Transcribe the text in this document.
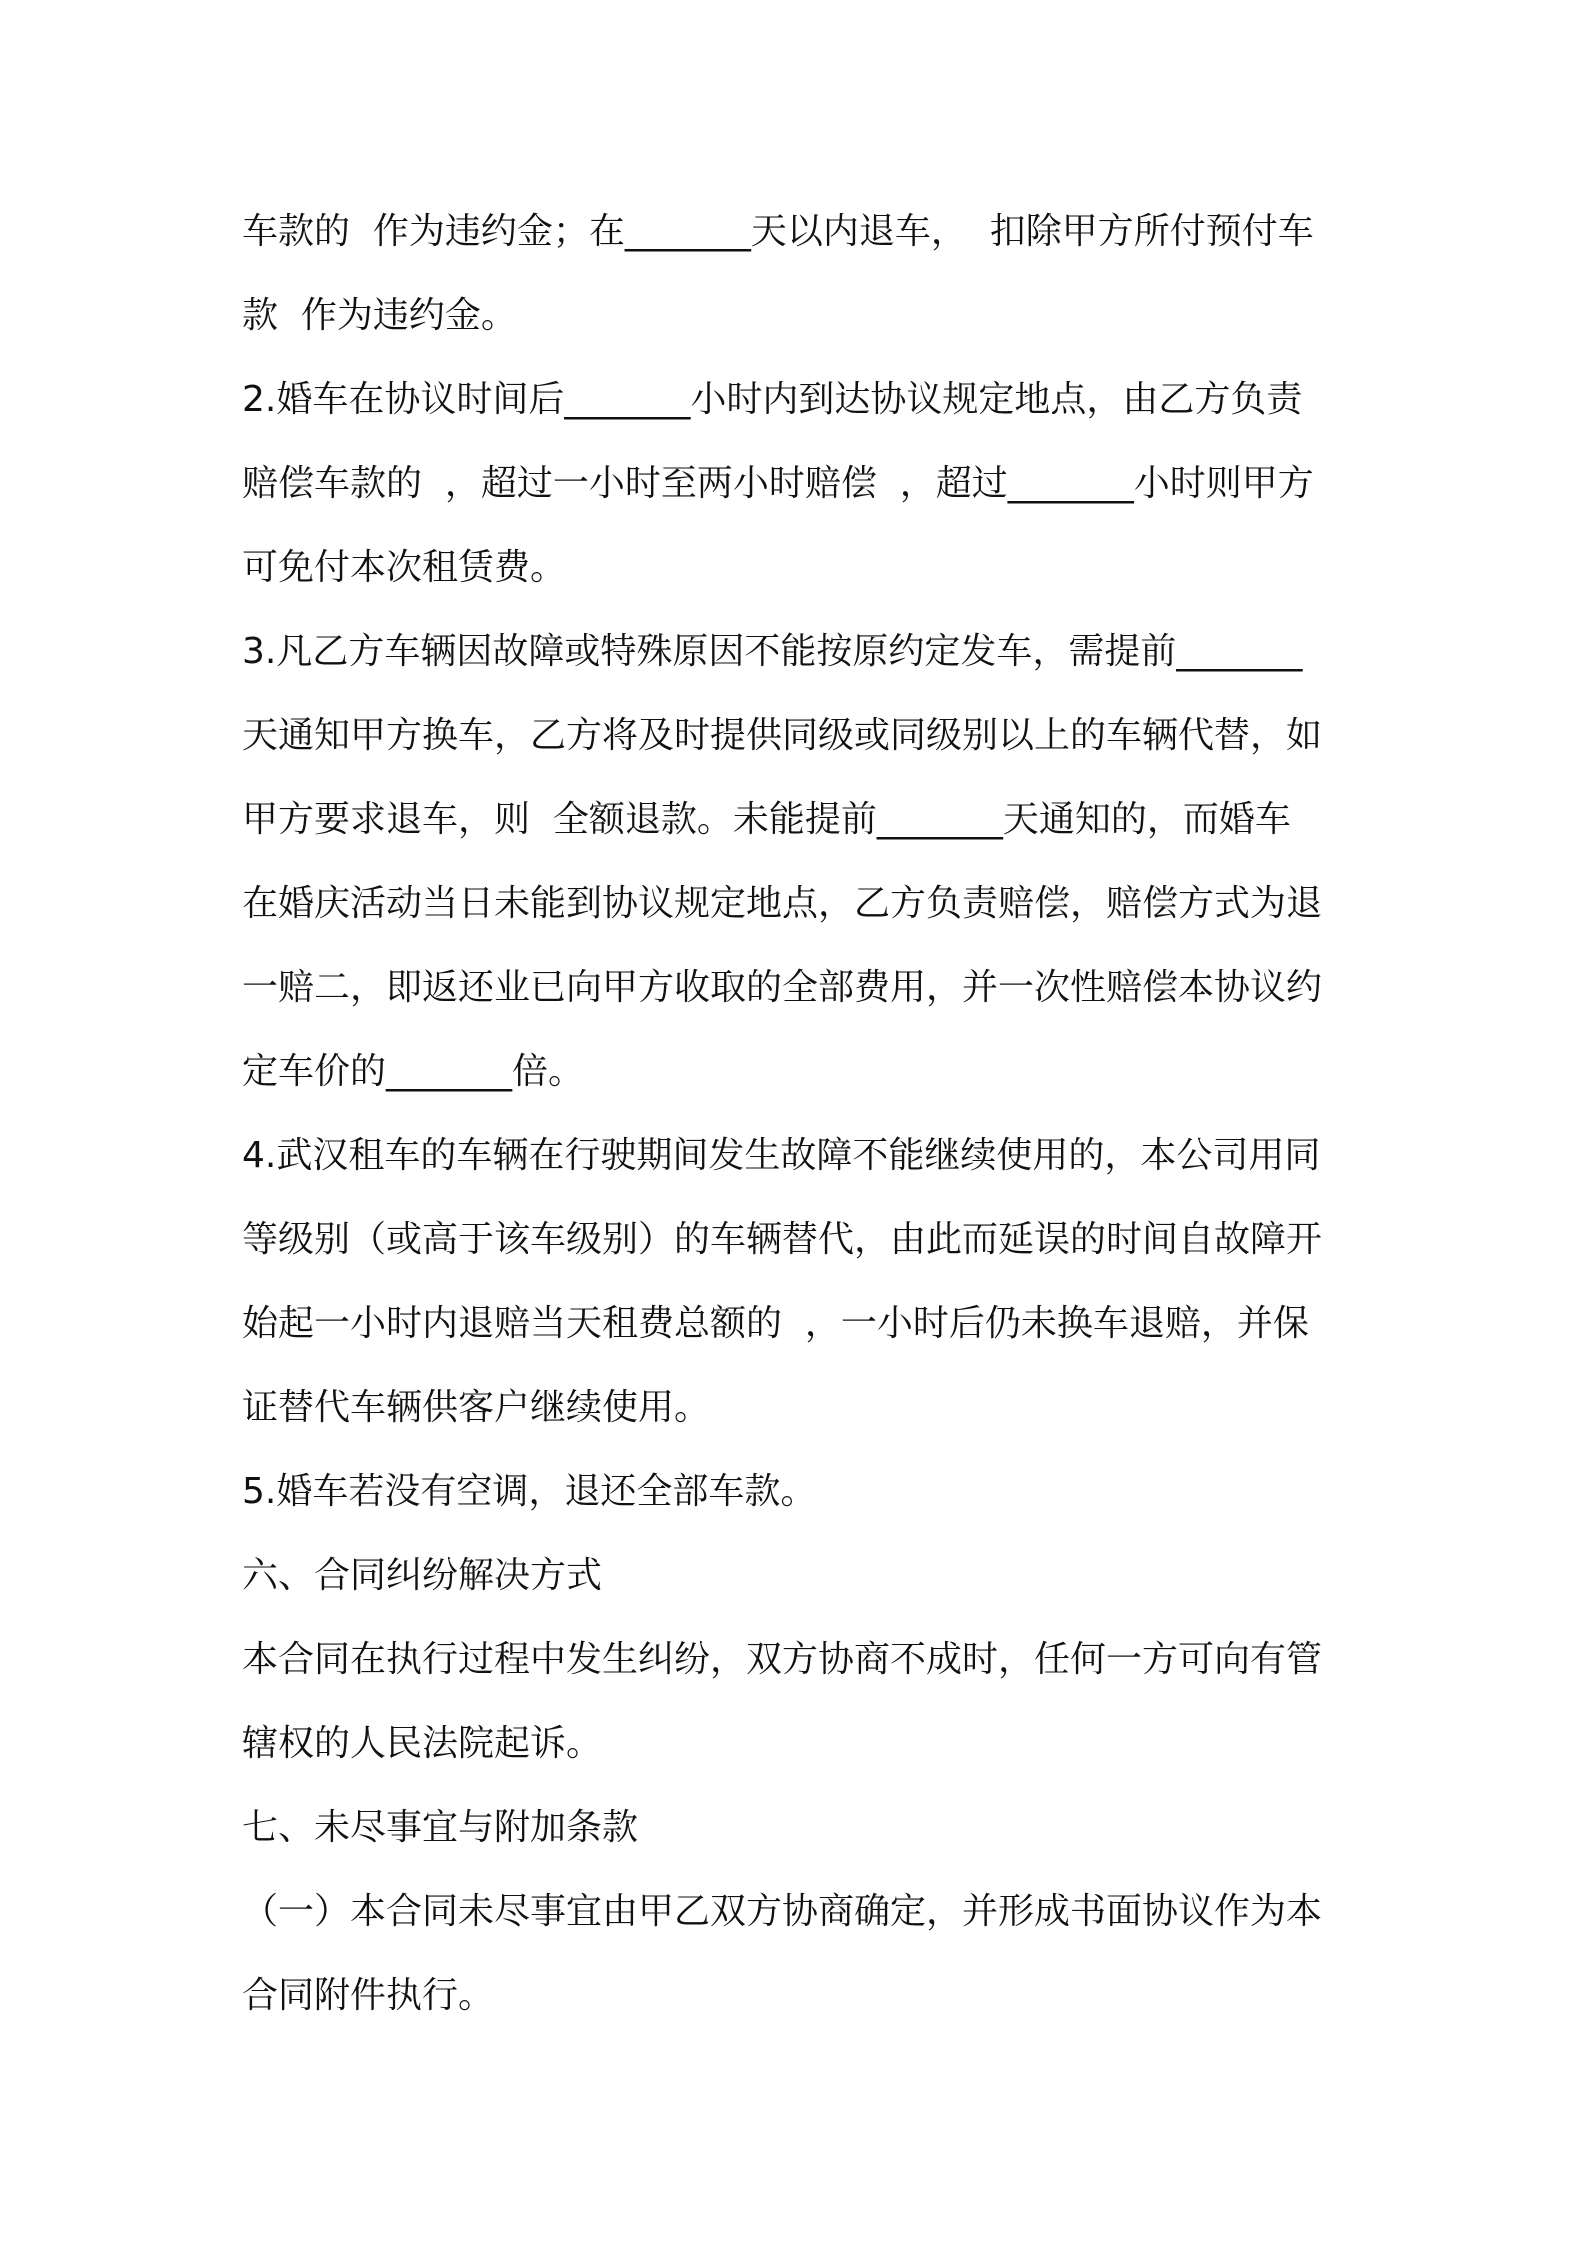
车款的  作为违约金；在_______天以内退车，  扣除甲方所付预付车
款  作为违约金。
2.婚车在协议时间后_______小时内到达协议规定地点，由乙方负责
赔偿车款的  ，超过一小时至两小时赔偿  ，超过_______小时则甲方
可免付本次租赁费。
3.凡乙方车辆因故障或特殊原因不能按原约定发车，需提前_______
天通知甲方换车，乙方将及时提供同级或同级别以上的车辆代替，如
甲方要求退车，则  全额退款。未能提前_______天通知的，而婚车
在婚庆活动当日未能到协议规定地点，乙方负责赔偿，赔偿方式为退
一赔二，即返还业已向甲方收取的全部费用，并一次性赔偿本协议约
定车价的_______倍。
4.武汉租车的车辆在行驶期间发生故障不能继续使用的，本公司用同
等级别（或高于该车级别）的车辆替代，由此而延误的时间自故障开
始起一小时内退赔当天租费总额的  ，一小时后仍未换车退赔，并保
证替代车辆供客户继续使用。
5.婚车若没有空调，退还全部车款。
六、合同纠纷解决方式
本合同在执行过程中发生纠纷，双方协商不成时，任何一方可向有管
辖权的人民法院起诉。
七、未尽事宜与附加条款
（一）本合同未尽事宜由甲乙双方协商确定，并形成书面协议作为本
合同附件执行。
